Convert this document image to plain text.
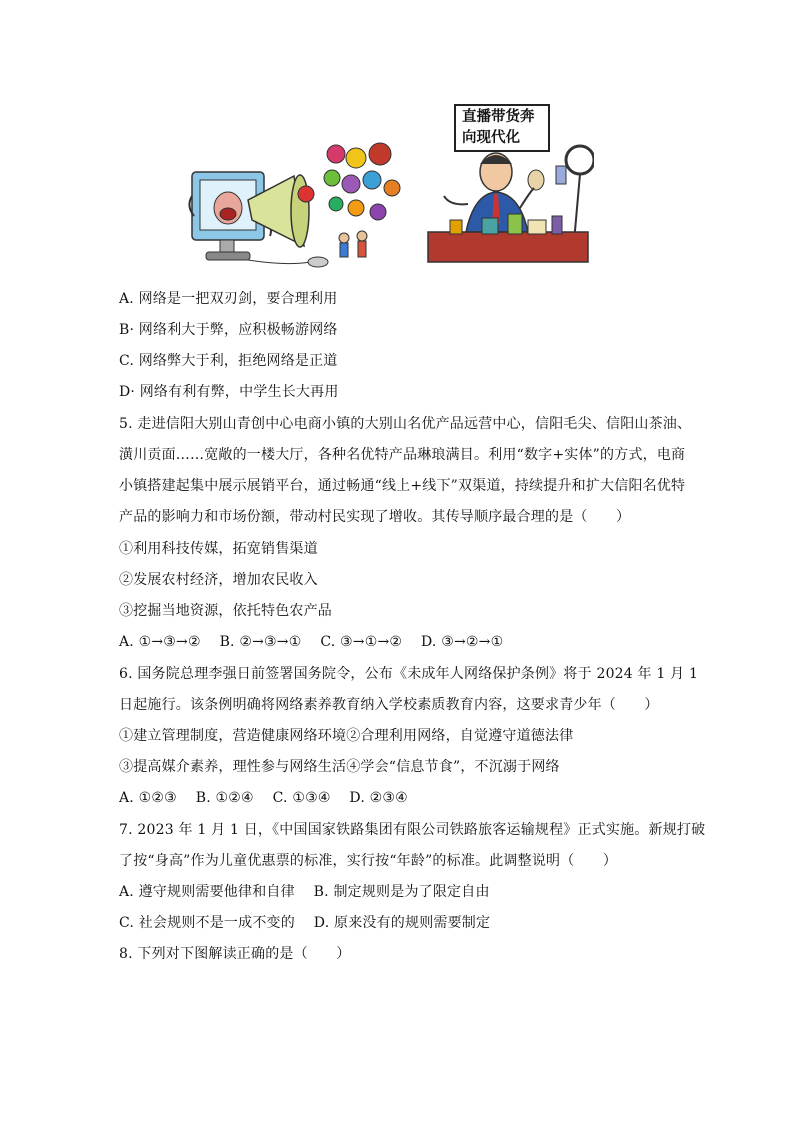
直播带货奔
向现代化
A. 网络是一把双刃剑，要合理利用
B· 网络利大于弊，应积极畅游网络
C. 网络弊大于利，拒绝网络是正道
D· 网络有利有弊，中学生长大再用
5. 走进信阳大别山青创中心电商小镇的大别山名优产品远营中心，信阳毛尖、信阳山茶油、
潢川贡面……宽敞的一楼大厅，各种名优特产品琳琅满目。利用“数字+实体”的方式，电商
小镇搭建起集中展示展销平台，通过畅通“线上+线下”双渠道，持续提升和扩大信阳名优特
产品的影响力和市场份额，带动村民实现了增收。其传导顺序最合理的是（　　）
①利用科技传媒，拓宽销售渠道
②发展农村经济，增加农民收入
③挖掘当地资源，依托特色农产品
A. ①→③→②　 B. ②→③→①　 C. ③→①→②　 D. ③→②→①
6. 国务院总理李强日前签署国务院令，公布《未成年人网络保护条例》将于 2024 年 1 月 1
日起施行。该条例明确将网络素养教育纳入学校素质教育内容，这要求青少年（　　）
①建立管理制度，营造健康网络环境②合理利用网络，自觉遵守道德法律
③提高媒介素养，理性参与网络生活④学会“信息节食”，不沉溺于网络
A. ①②③　 B. ①②④　 C. ①③④　 D. ②③④
7. 2023 年 1 月 1 日，《中国国家铁路集团有限公司铁路旅客运输规程》正式实施。新规打破
了按“身高”作为儿童优惠票的标准，实行按“年龄”的标准。此调整说明（　　）
A. 遵守规则需要他律和自律　 B. 制定规则是为了限定自由
C. 社会规则不是一成不变的　 D. 原来没有的规则需要制定
8. 下列对下图解读正确的是（　　）
